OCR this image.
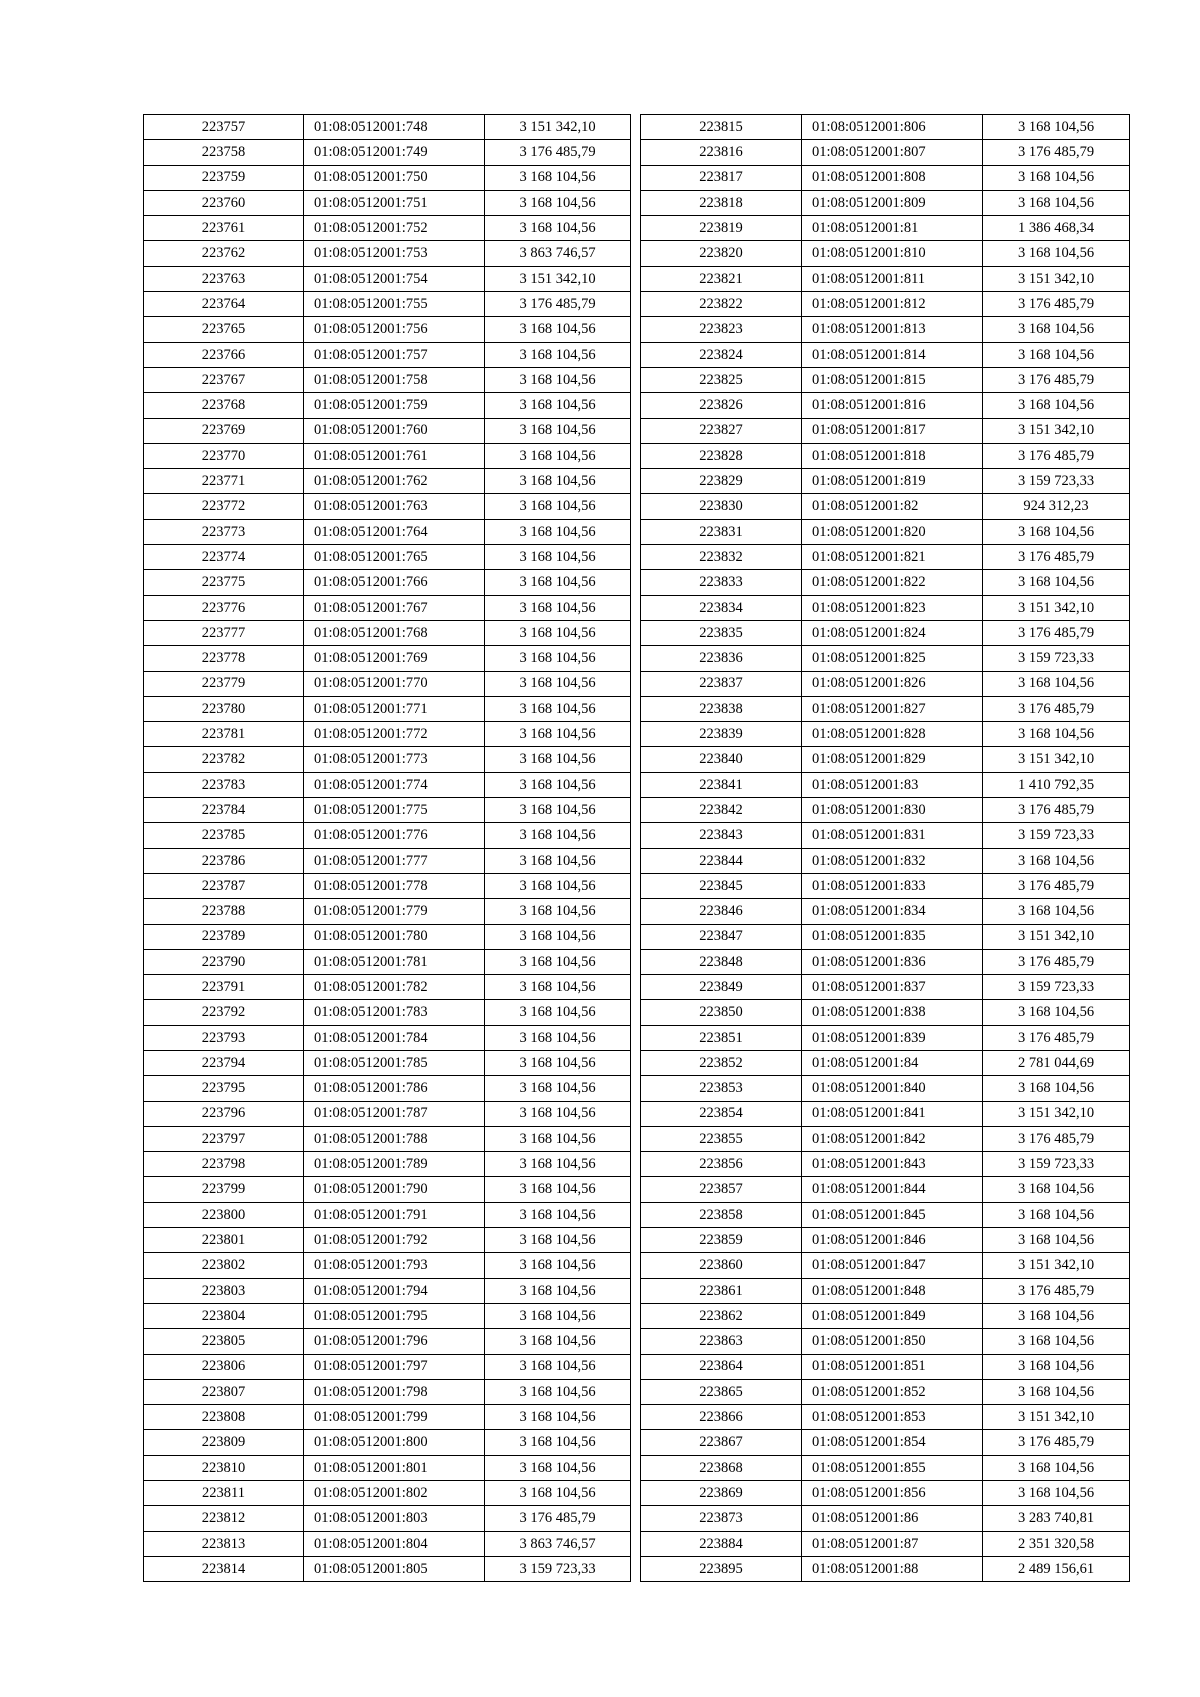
223757	01:08:0512001:748	3 151 342,10
223758	01:08:0512001:749	3 176 485,79
223759	01:08:0512001:750	3 168 104,56
223760	01:08:0512001:751	3 168 104,56
223761	01:08:0512001:752	3 168 104,56
223762	01:08:0512001:753	3 863 746,57
223763	01:08:0512001:754	3 151 342,10
223764	01:08:0512001:755	3 176 485,79
223765	01:08:0512001:756	3 168 104,56
223766	01:08:0512001:757	3 168 104,56
223767	01:08:0512001:758	3 168 104,56
223768	01:08:0512001:759	3 168 104,56
223769	01:08:0512001:760	3 168 104,56
223770	01:08:0512001:761	3 168 104,56
223771	01:08:0512001:762	3 168 104,56
223772	01:08:0512001:763	3 168 104,56
223773	01:08:0512001:764	3 168 104,56
223774	01:08:0512001:765	3 168 104,56
223775	01:08:0512001:766	3 168 104,56
223776	01:08:0512001:767	3 168 104,56
223777	01:08:0512001:768	3 168 104,56
223778	01:08:0512001:769	3 168 104,56
223779	01:08:0512001:770	3 168 104,56
223780	01:08:0512001:771	3 168 104,56
223781	01:08:0512001:772	3 168 104,56
223782	01:08:0512001:773	3 168 104,56
223783	01:08:0512001:774	3 168 104,56
223784	01:08:0512001:775	3 168 104,56
223785	01:08:0512001:776	3 168 104,56
223786	01:08:0512001:777	3 168 104,56
223787	01:08:0512001:778	3 168 104,56
223788	01:08:0512001:779	3 168 104,56
223789	01:08:0512001:780	3 168 104,56
223790	01:08:0512001:781	3 168 104,56
223791	01:08:0512001:782	3 168 104,56
223792	01:08:0512001:783	3 168 104,56
223793	01:08:0512001:784	3 168 104,56
223794	01:08:0512001:785	3 168 104,56
223795	01:08:0512001:786	3 168 104,56
223796	01:08:0512001:787	3 168 104,56
223797	01:08:0512001:788	3 168 104,56
223798	01:08:0512001:789	3 168 104,56
223799	01:08:0512001:790	3 168 104,56
223800	01:08:0512001:791	3 168 104,56
223801	01:08:0512001:792	3 168 104,56
223802	01:08:0512001:793	3 168 104,56
223803	01:08:0512001:794	3 168 104,56
223804	01:08:0512001:795	3 168 104,56
223805	01:08:0512001:796	3 168 104,56
223806	01:08:0512001:797	3 168 104,56
223807	01:08:0512001:798	3 168 104,56
223808	01:08:0512001:799	3 168 104,56
223809	01:08:0512001:800	3 168 104,56
223810	01:08:0512001:801	3 168 104,56
223811	01:08:0512001:802	3 168 104,56
223812	01:08:0512001:803	3 176 485,79
223813	01:08:0512001:804	3 863 746,57
223814	01:08:0512001:805	3 159 723,33
223815	01:08:0512001:806	3 168 104,56
223816	01:08:0512001:807	3 176 485,79
223817	01:08:0512001:808	3 168 104,56
223818	01:08:0512001:809	3 168 104,56
223819	01:08:0512001:81	1 386 468,34
223820	01:08:0512001:810	3 168 104,56
223821	01:08:0512001:811	3 151 342,10
223822	01:08:0512001:812	3 176 485,79
223823	01:08:0512001:813	3 168 104,56
223824	01:08:0512001:814	3 168 104,56
223825	01:08:0512001:815	3 176 485,79
223826	01:08:0512001:816	3 168 104,56
223827	01:08:0512001:817	3 151 342,10
223828	01:08:0512001:818	3 176 485,79
223829	01:08:0512001:819	3 159 723,33
223830	01:08:0512001:82	924 312,23
223831	01:08:0512001:820	3 168 104,56
223832	01:08:0512001:821	3 176 485,79
223833	01:08:0512001:822	3 168 104,56
223834	01:08:0512001:823	3 151 342,10
223835	01:08:0512001:824	3 176 485,79
223836	01:08:0512001:825	3 159 723,33
223837	01:08:0512001:826	3 168 104,56
223838	01:08:0512001:827	3 176 485,79
223839	01:08:0512001:828	3 168 104,56
223840	01:08:0512001:829	3 151 342,10
223841	01:08:0512001:83	1 410 792,35
223842	01:08:0512001:830	3 176 485,79
223843	01:08:0512001:831	3 159 723,33
223844	01:08:0512001:832	3 168 104,56
223845	01:08:0512001:833	3 176 485,79
223846	01:08:0512001:834	3 168 104,56
223847	01:08:0512001:835	3 151 342,10
223848	01:08:0512001:836	3 176 485,79
223849	01:08:0512001:837	3 159 723,33
223850	01:08:0512001:838	3 168 104,56
223851	01:08:0512001:839	3 176 485,79
223852	01:08:0512001:84	2 781 044,69
223853	01:08:0512001:840	3 168 104,56
223854	01:08:0512001:841	3 151 342,10
223855	01:08:0512001:842	3 176 485,79
223856	01:08:0512001:843	3 159 723,33
223857	01:08:0512001:844	3 168 104,56
223858	01:08:0512001:845	3 168 104,56
223859	01:08:0512001:846	3 168 104,56
223860	01:08:0512001:847	3 151 342,10
223861	01:08:0512001:848	3 176 485,79
223862	01:08:0512001:849	3 168 104,56
223863	01:08:0512001:850	3 168 104,56
223864	01:08:0512001:851	3 168 104,56
223865	01:08:0512001:852	3 168 104,56
223866	01:08:0512001:853	3 151 342,10
223867	01:08:0512001:854	3 176 485,79
223868	01:08:0512001:855	3 168 104,56
223869	01:08:0512001:856	3 168 104,56
223873	01:08:0512001:86	3 283 740,81
223884	01:08:0512001:87	2 351 320,58
223895	01:08:0512001:88	2 489 156,61
